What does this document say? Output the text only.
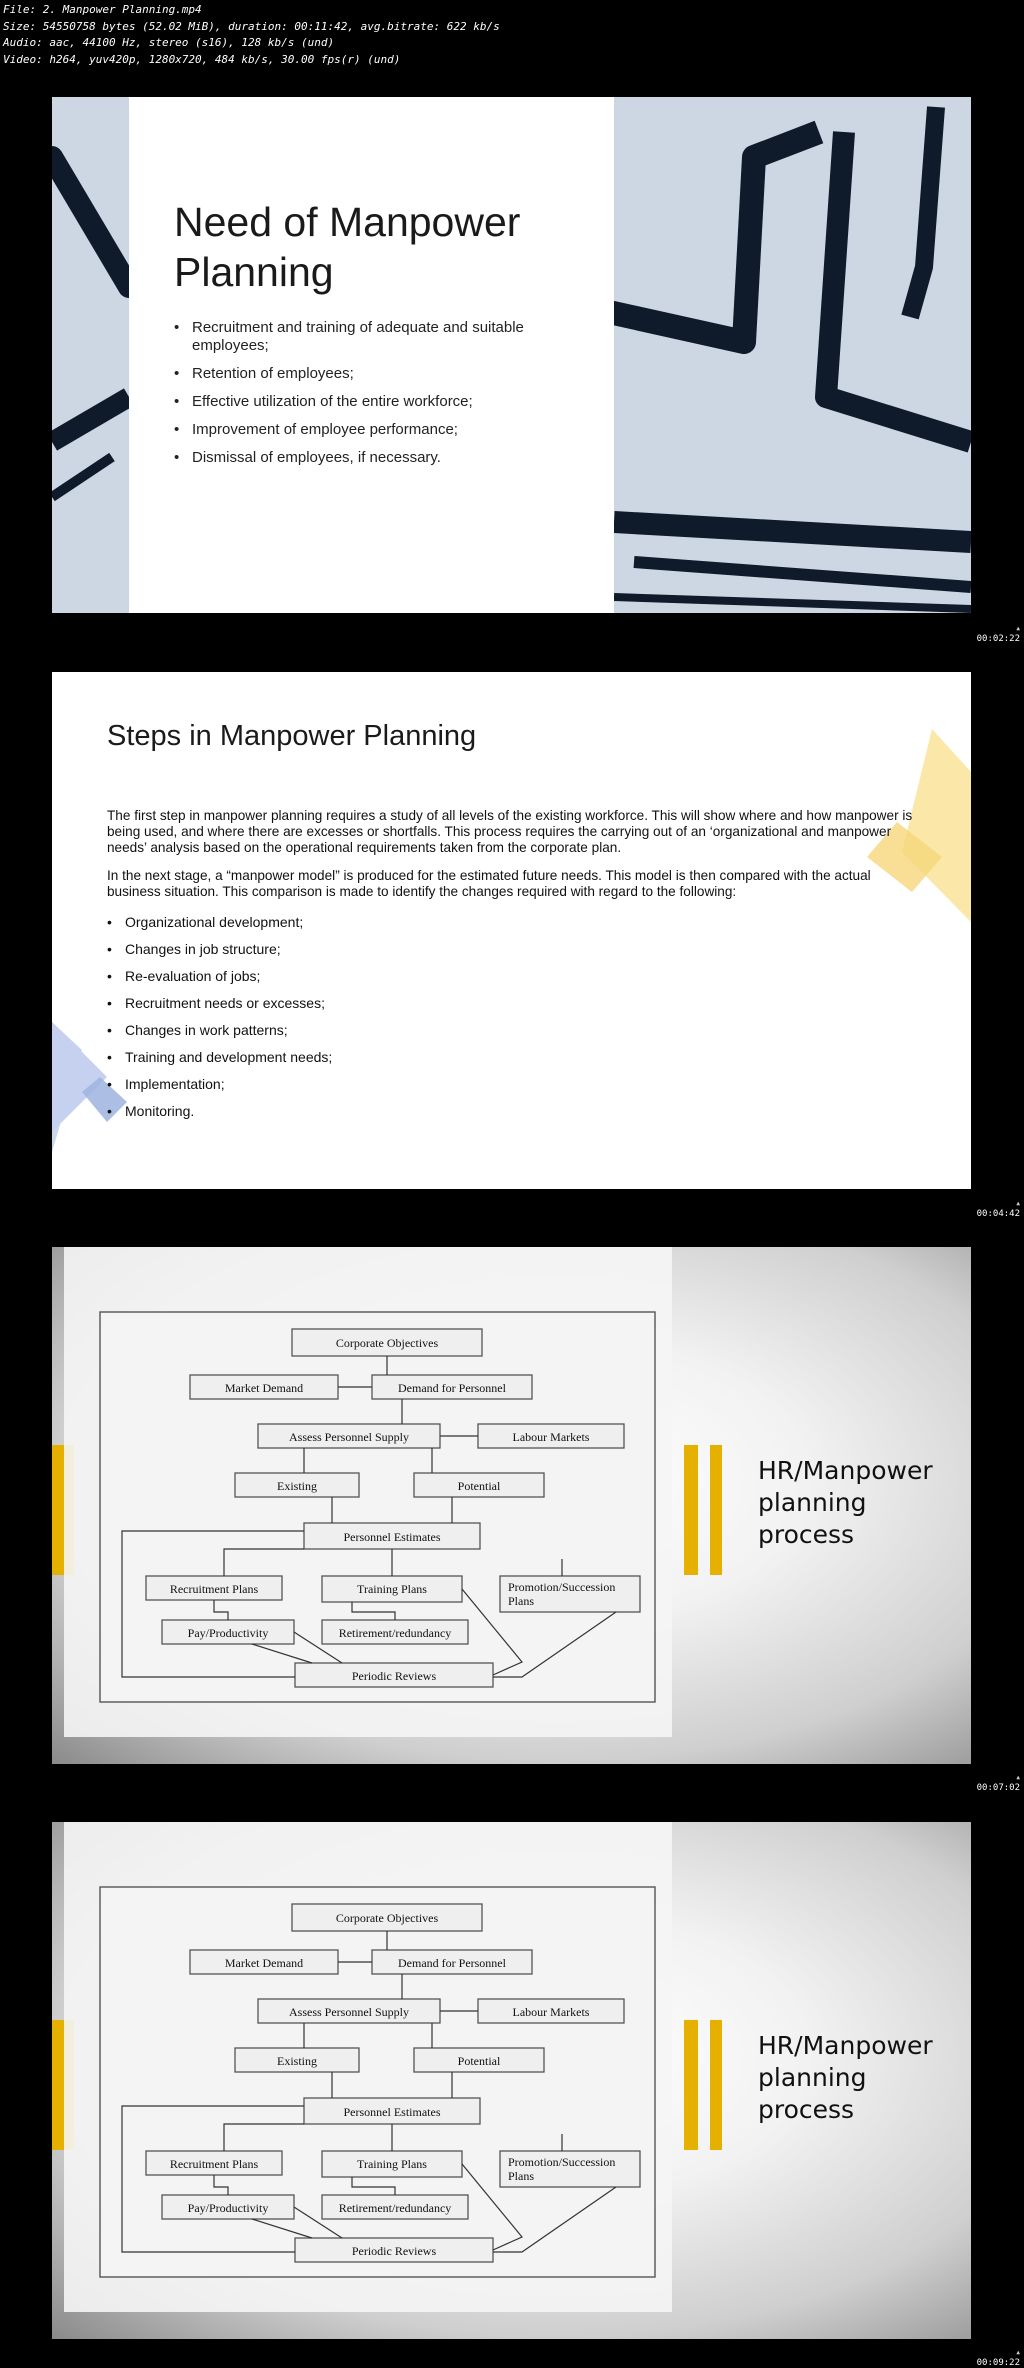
File: 2. Manpower Planning.mp4
Size: 54550758 bytes (52.02 MiB), duration: 00:11:42, avg.bitrate: 622 kb/s
Audio: aac, 44100 Hz, stereo (s16), 128 kb/s (und)
Video: h264, yuv420p, 1280x720, 484 kb/s, 30.00 fps(r) (und)
Need of Manpower Planning
• Recruitment and training of adequate and suitable employees;
• Retention of employees;
• Effective utilization of the entire workforce;
• Improvement of employee performance;
• Dismissal of employees, if necessary.
▲
00:02:22
Steps in Manpower Planning

The first step in manpower planning requires a study of all levels of the existing workforce. This will show where and how manpower is being used, and where there are excesses or shortfalls. This process requires the carrying out of an ‘organizational and manpower needs’ analysis based on the operational requirements taken from the corporate plan.

In the next stage, a “manpower model” is produced for the estimated future needs. This model is then compared with the actual business situation. This comparison is made to identify the changes required with regard to the following:

• Organizational development;
• Changes in job structure;
• Re-evaluation of jobs;
• Recruitment needs or excesses;
• Changes in work patterns;
• Training and development needs;
• Implementation;
• Monitoring.
▲
00:04:42
HR/Manpower planning process
Corporate Objectives
Market Demand	Demand for Personnel
Assess Personnel Supply	Labour Markets
Existing	Potential
Personnel Estimates
Recruitment Plans	Training Plans	Promotion/Succession
Plans
Pay/Productivity	Retirement/redundancy
Periodic Reviews
▲
00:07:02
HR/Manpower planning process
Corporate Objectives
Market Demand	Demand for Personnel
Assess Personnel Supply	Labour Markets
Existing	Potential
Personnel Estimates
Recruitment Plans	Training Plans	Promotion/Succession
Plans
Pay/Productivity	Retirement/redundancy
Periodic Reviews
▲
00:09:22
